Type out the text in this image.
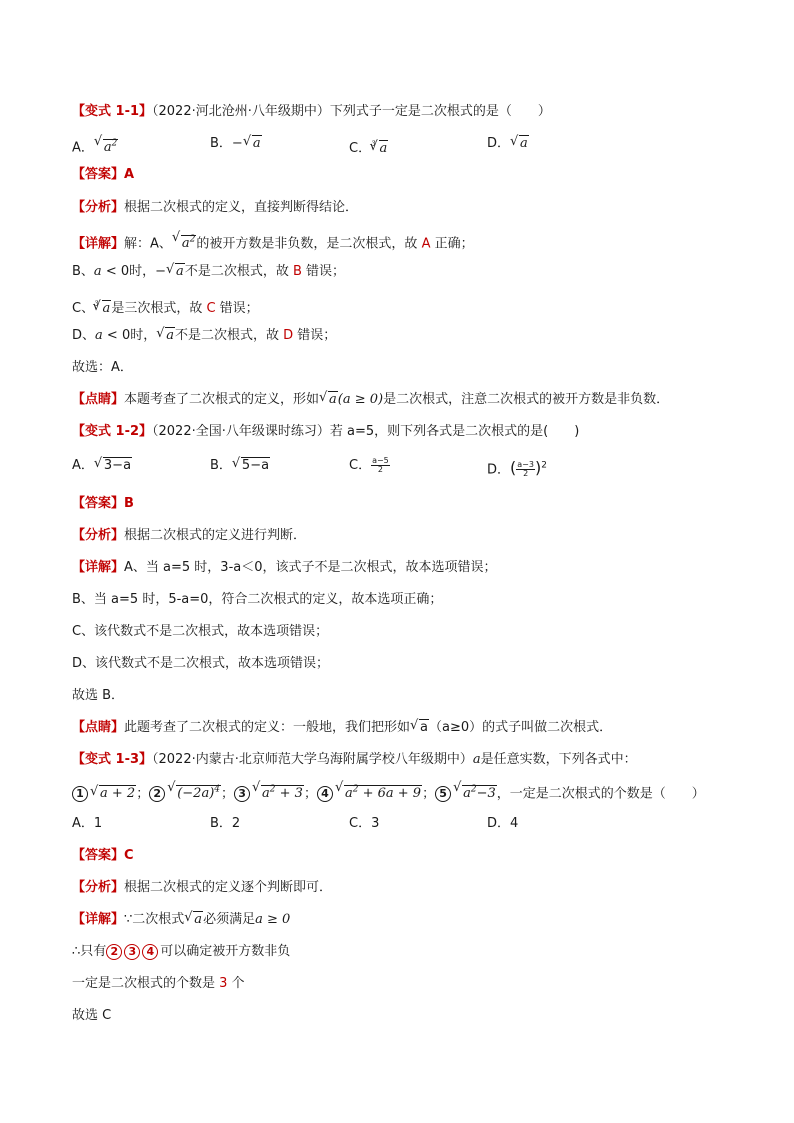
【变式 1-1】（2022·河北沧州·八年级期中）下列式子一定是二次根式的是（　　）
A． √ $a^2$	B．− √ a	C．$^3$ √ a	D． √ a
【答案】A
【分析】根据二次根式的定义，直接判断得结论．
【详解】解：A、 √ $a^2$的被开方数是非负数，是二次根式，故 A 正确；
B、a < 0时，− √ a不是二次根式，故 B 错误；
C、$^3$ √ a是三次根式，故 C 错误；
D、a < 0时， √ a不是二次根式，故 D 错误；
故选：A．
【点睛】本题考查了二次根式的定义，形如 √ a(a ≥ 0)是二次根式，注意二次根式的被开方数是非负数．
【变式 1-2】（2022·全国·八年级课时练习）若 a=5，则下列各式是二次根式的是(　　)
A． √ 3−a	B． √ 5−a	C． $\frac{a-5}{2}$	D．( $\frac{a-3}{2} )^2$
【答案】B
【分析】根据二次根式的定义进行判断．
【详解】A、当 a=5 时，3-a＜0，该式子不是二次根式，故本选项错误；
B、当 a=5 时，5-a=0，符合二次根式的定义，故本选项正确；
C、该代数式不是二次根式，故本选项错误；
D、该代数式不是二次根式，故本选项错误；
故选 B．
【点睛】此题考查了二次根式的定义：一般地，我们把形如 √ a（a≥0）的式子叫做二次根式．
【变式 1-3】（2022·内蒙古·北京师范大学乌海附属学校八年级期中）a是任意实数，下列各式中：
1 √ a + 2； 2 √ $(-2a)^4$； 3 √ $a^2 + 3$； 4 √ $a^2 + 6a + 9$； 5 √ $a^2-3$，一定是二次根式的个数是（　　）
A．1	B．2	C．3	D．4
【答案】C
【分析】根据二次根式的定义逐个判断即可．
【详解】∵二次根式 √ a必须满足a ≥ 0
∴只有 2 3 4 可以确定被开方数非负
一定是二次根式的个数是 3 个
故选 C
